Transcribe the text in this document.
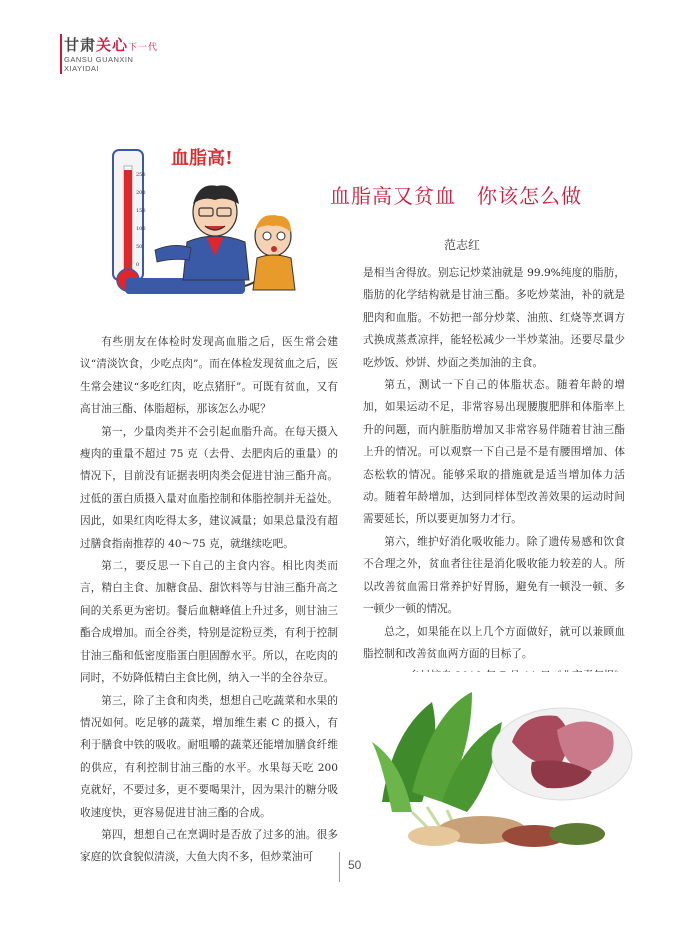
甘肃关心下一代
GANSU GUANXIN
XIAYIDAI
250
200
150
100
50
0
血脂高!
血脂高又贫血　你该怎么做
范志红

有些朋友在体检时发现高血脂之后，医生常会建议“清淡饮食，少吃点肉”。而在体检发现贫血之后，医生常会建议“多吃红肉，吃点猪肝”。可既有贫血，又有高甘油三酯、体脂超标，那该怎么办呢？

第一，少量肉类并不会引起血脂升高。在每天摄入瘦肉的重量不超过 75 克（去骨、去肥肉后的重量）的情况下，目前没有证据表明肉类会促进甘油三酯升高。过低的蛋白质摄入量对血脂控制和体脂控制并无益处。因此，如果红肉吃得太多，建议减量；如果总量没有超过膳食指南推荐的 40～75 克，就继续吃吧。

第二，要反思一下自己的主食内容。相比肉类而言，精白主食、加糖食品、甜饮料等与甘油三酯升高之间的关系更为密切。餐后血糖峰值上升过多，则甘油三酯合成增加。而全谷类，特别是淀粉豆类，有利于控制甘油三酯和低密度脂蛋白胆固醇水平。所以，在吃肉的同时，不妨降低精白主食比例，纳入一半的全谷杂豆。

第三，除了主食和肉类，想想自己吃蔬菜和水果的情况如何。吃足够的蔬菜，增加维生素 C 的摄入，有利于膳食中铁的吸收。耐咀嚼的蔬菜还能增加膳食纤维的供应，有利控制甘油三酯的水平。水果每天吃 200 克就好，不要过多，更不要喝果汁，因为果汁的糖分吸收速度快，更容易促进甘油三酯的合成。

第四，想想自己在烹调时是否放了过多的油。很多家庭的饮食貌似清淡，大鱼大肉不多，但炒菜油可

是相当舍得放。别忘记炒菜油就是 99.9%纯度的脂肪，脂肪的化学结构就是甘油三酯。多吃炒菜油，补的就是肥肉和血脂。不妨把一部分炒菜、油煎、红烧等烹调方式换成蒸煮凉拌，能轻松减少一半炒菜油。还要尽量少吃炒饭、炒饼、炒面之类加油的主食。

第五，测试一下自己的体脂状态。随着年龄的增加，如果运动不足，非常容易出现腰腹肥胖和体脂率上升的问题，而内脏脂肪增加又非常容易伴随着甘油三酯上升的情况。可以观察一下自己是不是有腰围增加、体态松软的情况。能够采取的措施就是适当增加体力活动。随着年龄增加，达到同样体型改善效果的运动时间需要延长，所以要更加努力才行。

第六，维护好消化吸收能力。除了遗传易感和饮食不合理之外，贫血者往往是消化吸收能力较差的人。所以改善贫血需日常养护好胃肠，避免有一顿没一顿、多一顿少一顿的情况。

总之，如果能在以上几个方面做好，就可以兼顾血脂控制和改善贫血两方面的目标了。

50
